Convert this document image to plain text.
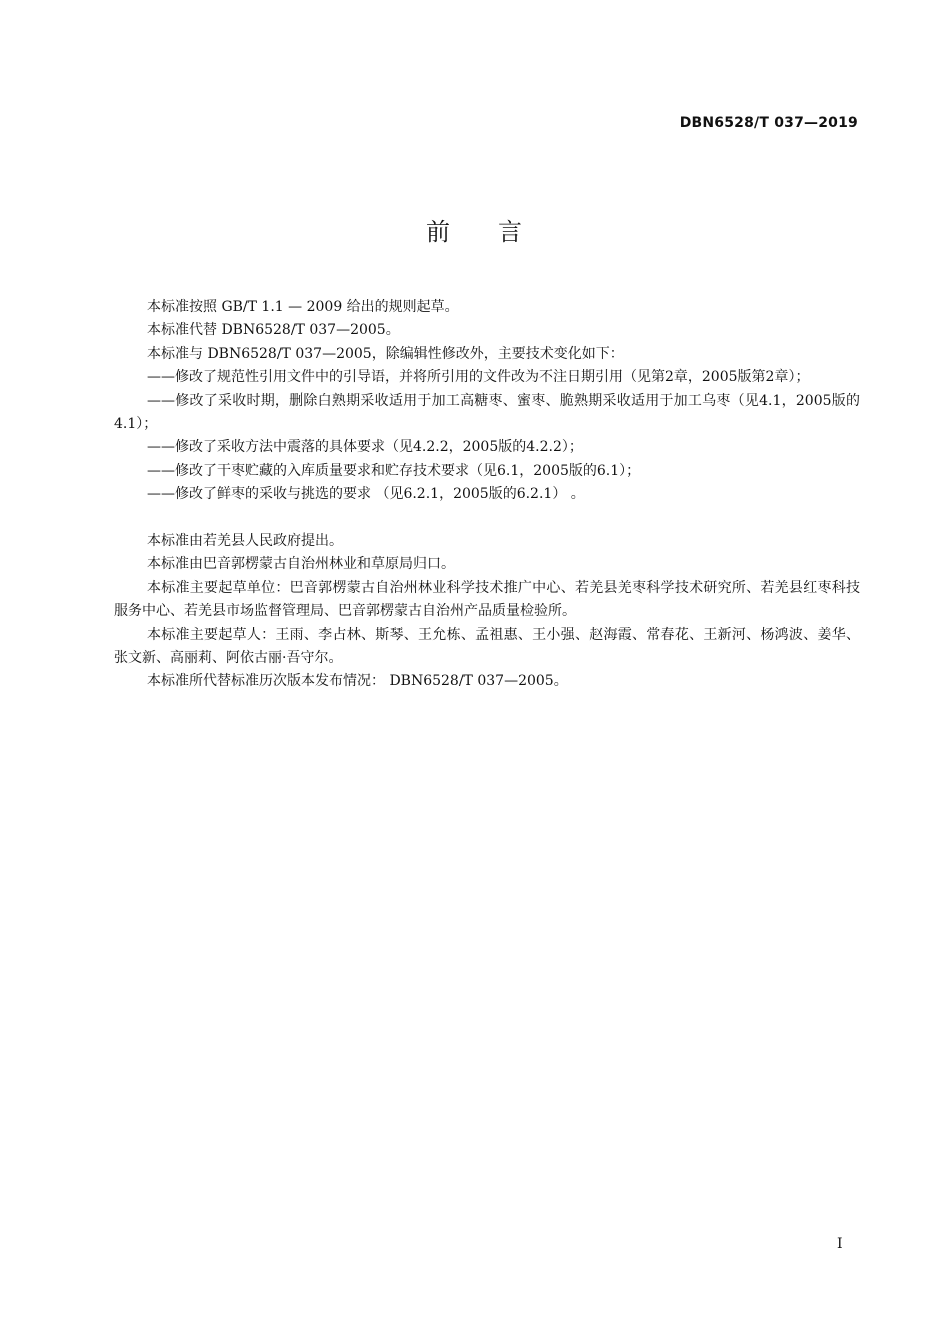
DBN6528/T 037—2019
前 言

本标准按照 GB/T 1.1 — 2009 给出的规则起草。

本标准代替 DBN6528/T 037—2005。

本标准与 DBN6528/T 037—2005，除编辑性修改外，主要技术变化如下：

——修改了规范性引用文件中的引导语，并将所引用的文件改为不注日期引用（见第2章，2005版第2章）；

——修改了采收时期，删除白熟期采收适用于加工高糖枣、蜜枣、脆熟期采收适用于加工乌枣（见4.1，2005版的4.1）；

——修改了采收方法中震落的具体要求（见4.2.2，2005版的4.2.2）；

——修改了干枣贮藏的入库质量要求和贮存技术要求（见6.1，2005版的6.1）；

——修改了鲜枣的采收与挑选的要求 （见6.2.1，2005版的6.2.1） 。

本标准由若羌县人民政府提出。

本标准由巴音郭楞蒙古自治州林业和草原局归口。

本标准主要起草单位：巴音郭楞蒙古自治州林业科学技术推广中心、若羌县羌枣科学技术研究所、若羌县红枣科技服务中心、若羌县市场监督管理局、巴音郭楞蒙古自治州产品质量检验所。

本标准主要起草人：王雨、李占林、斯琴、王允栋、孟祖惠、王小强、赵海霞、常春花、王新河、杨鸿波、姜华、张文新、高丽莉、阿依古丽·吾守尔。

本标准所代替标准历次版本发布情况： DBN6528/T 037—2005。

I
